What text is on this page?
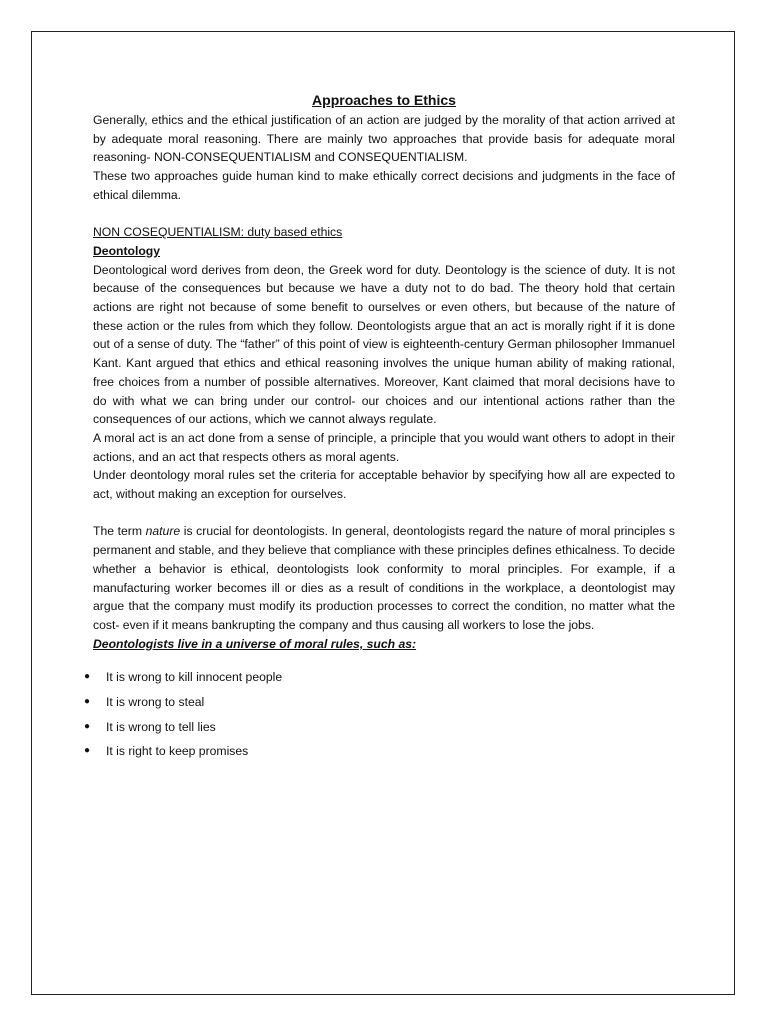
Approaches to Ethics

Generally, ethics and the ethical justification of an action are judged by the morality of that action arrived at by adequate moral reasoning. There are mainly two approaches that provide basis for adequate moral reasoning- NON-CONSEQUENTIALISM and CONSEQUENTIALISM.

These two approaches guide human kind to make ethically correct decisions and judgments in the face of ethical dilemma.

NON COSEQUENTIALISM: duty based ethics

Deontology

Deontological word derives from deon, the Greek word for duty. Deontology is the science of duty. It is not because of the consequences but because we have a duty not to do bad. The theory hold that certain actions are right not because of some benefit to ourselves or even others, but because of the nature of these action or the rules from which they follow. Deontologists argue that an act is morally right if it is done out of a sense of duty. The “father” of this point of view is eighteenth-century German philosopher Immanuel Kant. Kant argued that ethics and ethical reasoning involves the unique human ability of making rational, free choices from a number of possible alternatives. Moreover, Kant claimed that moral decisions have to do with what we can bring under our control- our choices and our intentional actions rather than the consequences of our actions, which we cannot always regulate.

A moral act is an act done from a sense of principle, a principle that you would want others to adopt in their actions, and an act that respects others as moral agents.

Under deontology moral rules set the criteria for acceptable behavior by specifying how all are expected to act, without making an exception for ourselves.

The term nature is crucial for deontologists. In general, deontologists regard the nature of moral principles s permanent and stable, and they believe that compliance with these principles defines ethicalness. To decide whether a behavior is ethical, deontologists look conformity to moral principles. For example, if a manufacturing worker becomes ill or dies as a result of conditions in the workplace, a deontologist may argue that the company must modify its production processes to correct the condition, no matter what the cost- even if it means bankrupting the company and thus causing all workers to lose the jobs.

Deontologists live in a universe of moral rules, such as:

● It is wrong to kill innocent people
● It is wrong to steal
● It is wrong to tell lies
● It is right to keep promises
